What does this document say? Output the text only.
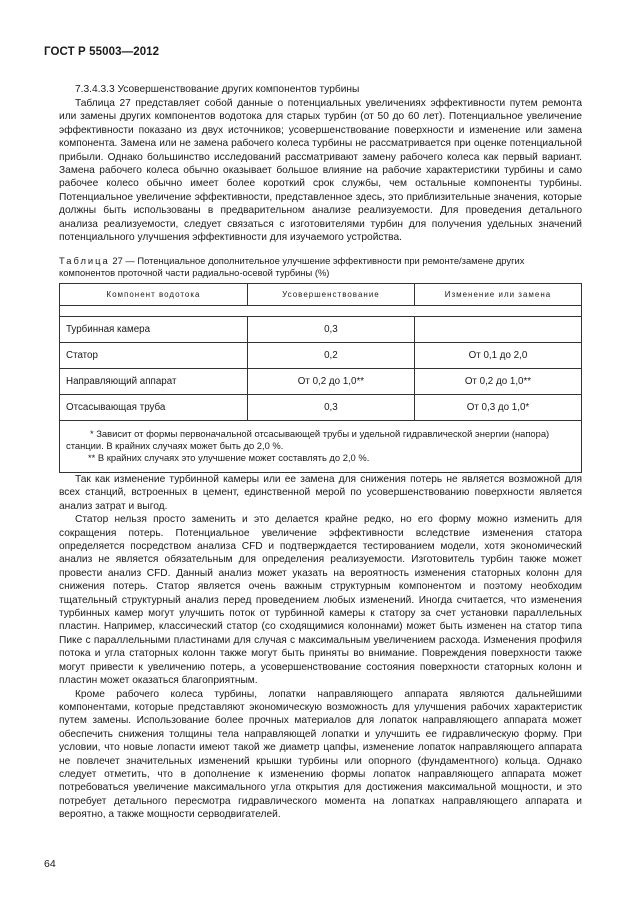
ГОСТ Р 55003—2012
7.3.4.3.3 Усовершенствование других компонентов турбины

Таблица 27 представляет собой данные о потенциальных увеличениях эффективности путем ремонта или замены других компонентов водотока для старых турбин (от 50 до 60 лет). Потенциальное увеличение эффективности показано из двух источников; усовершенствование поверхности и изменение или замена компонента. Замена или не замена рабочего колеса турбины не рассматривается при оценке потенциальной прибыли. Однако большинство исследований рассматривают замену рабочего колеса как первый вариант. Замена рабочего колеса обычно оказывает большое влияние на рабочие характеристики турбины и само рабочее колесо обычно имеет более короткий срок службы, чем остальные компоненты турбины. Потенциальное увеличение эффективности, представленное здесь, это приблизительные значения, которые должны быть использованы в предварительном анализе реализуемости. Для проведения детального анализа реализуемости, следует связаться с изготовителями турбин для получения удельных значений потенциального улучшения эффективности для изучаемого устройства.

Таблица 27 — Потенциальное дополнительное улучшение эффективности при ремонте/замене других компонентов проточной части радиально-осевой турбины (%)
Компонент водотока	Усовершенствование	Изменение или замена

Турбинная камера	0,3	
Статор	0,2	От 0,1 до 2,0
Направляющий аппарат	От 0,2 до 1,0**	От 0,2 до 1,0**
Отсасывающая труба	0,3	От 0,3 до 1,0*

* Зависит от формы первоначальной отсасывающей трубы и удельной гидравлической энергии (напора) станции. В крайних случаях может быть до 2,0 %.
** В крайних случаях это улучшение может составлять до 2,0 %.		

Так как изменение турбинной камеры или ее замена для снижения потерь не является возможной для всех станций, встроенных в цемент, единственной мерой по усовершенствованию поверхности является анализ затрат и выгод.

Статор нельзя просто заменить и это делается крайне редко, но его форму можно изменить для сокращения потерь. Потенциальное увеличение эффективности вследствие изменения статора определяется посредством анализа CFD и подтверждается тестированием модели, хотя экономический анализ не является обязательным для определения реализуемости. Изготовитель турбин также может провести анализ CFD. Данный анализ может указать на вероятность изменения статорных колонн для снижения потерь. Статор является очень важным структурным компонентом и поэтому необходим тщательный структурный анализ перед проведением любых изменений. Иногда считается, что изменения турбинных камер могут улучшить поток от турбинной камеры к статору за счет установки параллельных пластин. Например, классический статор (со сходящимися колоннами) может быть изменен на статор типа Пике с параллельными пластинами для случая с максимальным увеличением расхода. Изменения профиля потока и угла статорных колонн также могут быть приняты во внимание. Повреждения поверхности также могут привести к увеличению потерь, а усовершенствование состояния поверхности статорных колонн и пластин может оказаться благоприятным.

Кроме рабочего колеса турбины, лопатки направляющего аппарата являются дальнейшими компонентами, которые представляют экономическую возможность для улучшения рабочих характеристик путем замены. Использование более прочных материалов для лопаток направляющего аппарата может обеспечить снижения толщины тела направляющей лопатки и улучшить ее гидравлическую форму. При условии, что новые лопасти имеют такой же диаметр цапфы, изменение лопаток направляющего аппарата не повлечет значительных изменений крышки турбины или опорного (фундаментного) кольца. Однако следует отметить, что в дополнение к изменению формы лопаток направляющего аппарата может потребоваться увеличение максимального угла открытия для достижения максимальной мощности, и это потребует детального пересмотра гидравлического момента на лопатках направляющего аппарата и вероятно, а также мощности серводвигателей.

64
